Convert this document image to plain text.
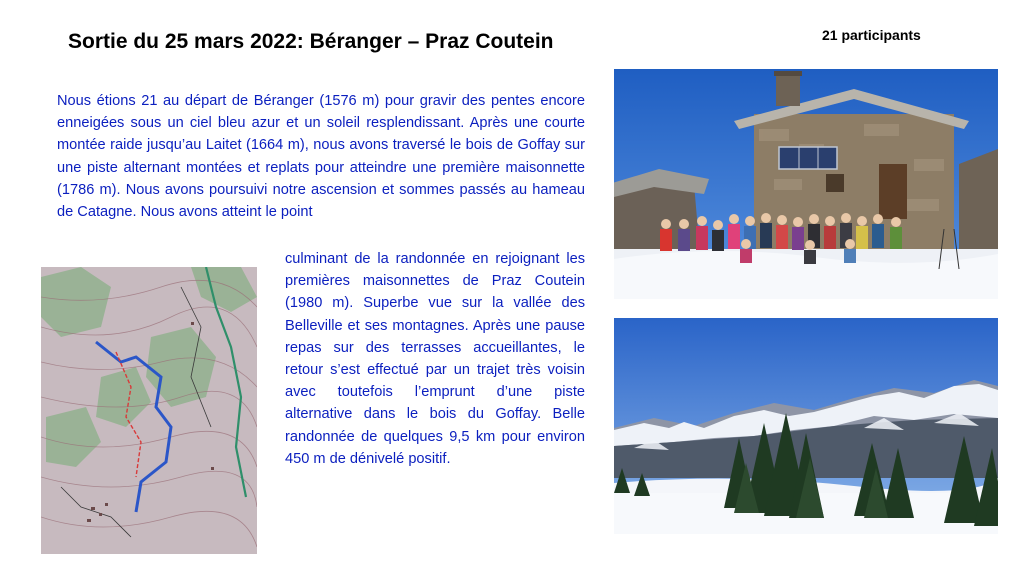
Sortie du 25 mars 2022: Béranger – Praz Coutein	21 participants
Nous étions 21 au départ de Béranger (1576 m) pour gravir des pentes encore enneigées sous un ciel bleu azur et un soleil resplendissant. Après une courte montée raide jusqu’au Laitet (1664 m), nous avons traversé le bois de Goffay sur une piste alternant montées et replats pour atteindre une première maisonnette (1786 m). Nous avons poursuivi notre ascension et sommes passés au hameau de Catagne. Nous avons atteint le point
culminant de la randonnée en rejoignant les premières maisonnettes de Praz Coutein (1980 m). Superbe vue sur la vallée des Belleville et ses montagnes. Après une pause repas sur des terrasses accueillantes, le retour s’est effectué par un trajet très voisin avec toutefois l’emprunt d’une piste alternative dans le bois du Goffay. Belle randonnée de quelques 9,5 km pour environ 450 m de dénivelé positif.
